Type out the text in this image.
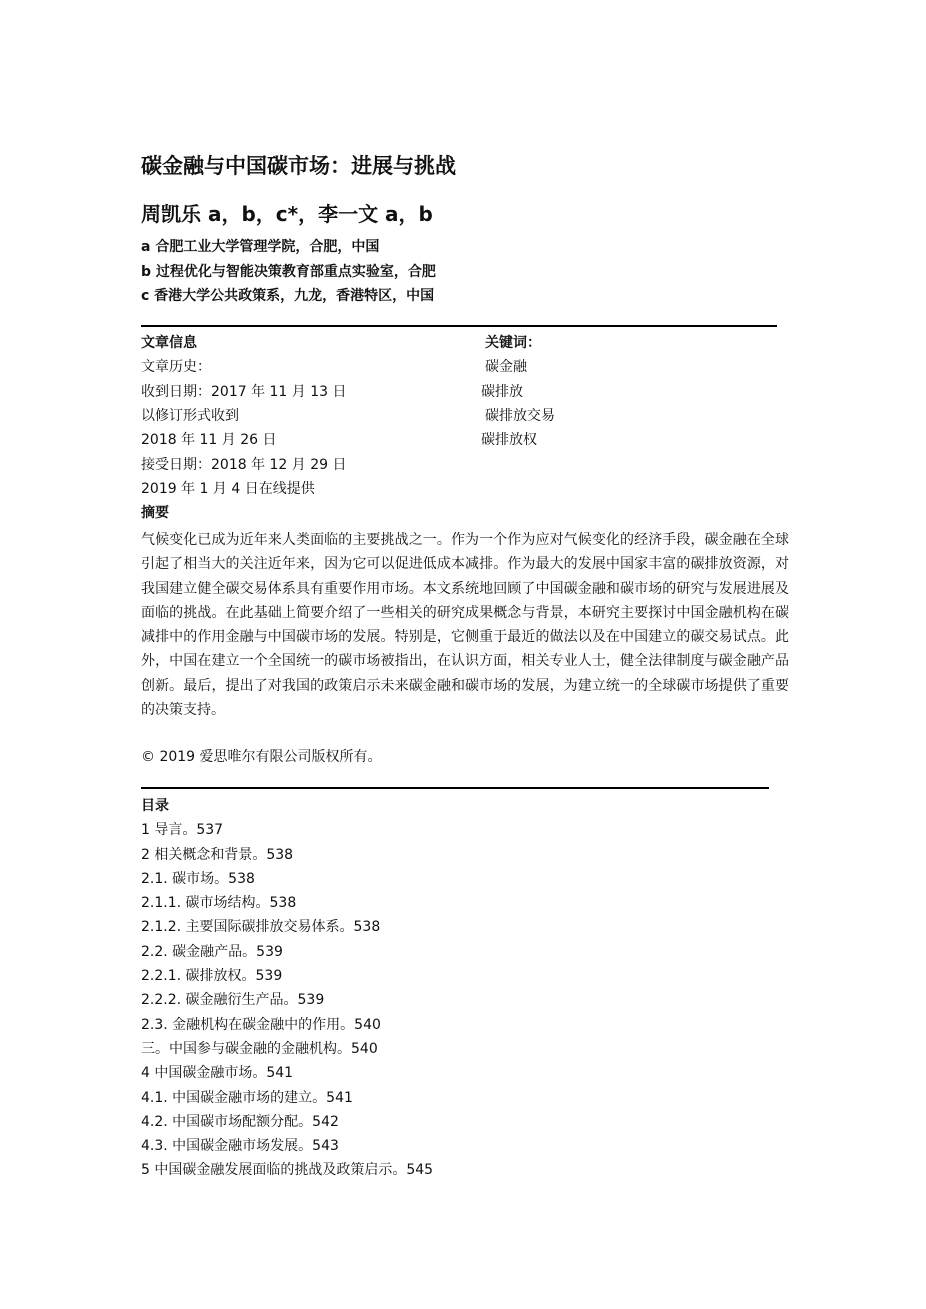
碳金融与中国碳市场：进展与挑战
周凯乐 a，b，c*，李一文 a，b
a 合肥工业大学管理学院，合肥，中国
b 过程优化与智能决策教育部重点实验室，合肥
c 香港大学公共政策系，九龙，香港特区，中国
文章信息
文章历史：
收到日期：2017 年 11 月 13 日
以修订形式收到
2018 年 11 月 26 日
接受日期：2018 年 12 月 29 日
2019 年 1 月 4 日在线提供
关键词：
碳金融
碳排放
碳排放交易
碳排放权
摘要
气候变化已成为近年来人类面临的主要挑战之一。作为一个作为应对气候变化的经济手段，碳金融在全球引起了相当大的关注近年来，因为它可以促进低成本减排。作为最大的发展中国家丰富的碳排放资源，对我国建立健全碳交易体系具有重要作用市场。本文系统地回顾了中国碳金融和碳市场的研究与发展进展及面临的挑战。在此基础上简要介绍了一些相关的研究成果概念与背景，本研究主要探讨中国金融机构在碳减排中的作用金融与中国碳市场的发展。特别是，它侧重于最近的做法以及在中国建立的碳交易试点。此外，中国在建立一个全国统一的碳市场被指出，在认识方面，相关专业人士，健全法律制度与碳金融产品创新。最后，提出了对我国的政策启示未来碳金融和碳市场的发展，为建立统一的全球碳市场提供了重要的决策支持。
© 2019 爱思唯尔有限公司版权所有。
目录
1 导言。537
2 相关概念和背景。538
2.1. 碳市场。538
2.1.1. 碳市场结构。538
2.1.2. 主要国际碳排放交易体系。538
2.2. 碳金融产品。539
2.2.1. 碳排放权。539
2.2.2. 碳金融衍生产品。539
2.3. 金融机构在碳金融中的作用。540
三。中国参与碳金融的金融机构。540
4 中国碳金融市场。541
4.1. 中国碳金融市场的建立。541
4.2. 中国碳市场配额分配。542
4.3. 中国碳金融市场发展。543
5 中国碳金融发展面临的挑战及政策启示。545
